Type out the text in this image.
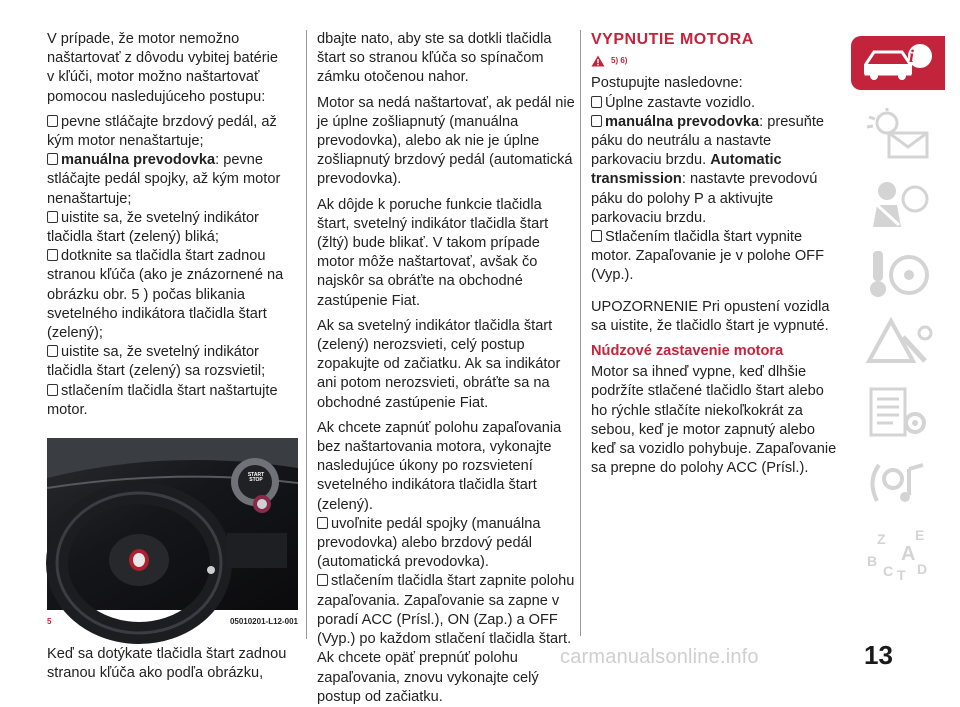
V prípade, že motor nemožno naštartovať z dôvodu vybitej batérie v kľúči, motor možno naštartovať pomocou nasledujúceho postupu:

pevne stláčajte brzdový pedál, až kým motor nenaštartuje;
manuálna prevodovka: pevne stláčajte pedál spojky, až kým motor nenaštartuje;
uistite sa, že svetelný indikátor tlačidla štart (zelený) bliká;
dotknite sa tlačidla štart zadnou stranou kľúča (ako je znázornené na obrázku obr. 5 ) počas blikania svetelného indikátora tlačidla štart (zelený);
uistite sa, že svetelný indikátor tlačidla štart (zelený) sa rozsvietil;
stlačením tlačidla štart naštartujte motor.
START STOP
5	05010201-L12-001

Keď sa dotýkate tlačidla štart zadnou stranou kľúča ako podľa obrázku,

dbajte nato, aby ste sa dotkli tlačidla štart so stranou kľúča so spínačom zámku otočenou nahor.

Motor sa nedá naštartovať, ak pedál nie je úplne zošliapnutý (manuálna prevodovka), alebo ak nie je úplne zošliapnutý brzdový pedál (automatická prevodovka).

Ak dôjde k poruche funkcie tlačidla štart, svetelný indikátor tlačidla štart (žltý) bude blikať. V takom prípade motor môže naštartovať, avšak čo najskôr sa obráťte na obchodné zastúpenie Fiat.

Ak sa svetelný indikátor tlačidla štart (zelený) nerozsvieti, celý postup zopakujte od začiatku. Ak sa indikátor ani potom nerozsvieti, obráťte sa na obchodné zastúpenie Fiat.

Ak chcete zapnúť polohu zapaľovania bez naštartovania motora, vykonajte nasledujúce úkony po rozsvietení svetelného indikátora tlačidla štart (zelený).

uvoľnite pedál spojky (manuálna prevodovka) alebo brzdový pedál (automatická prevodovka).
stlačením tlačidla štart zapnite polohu zapaľovania. Zapaľovanie sa zapne v poradí ACC (Prísl.), ON (Zap.) a OFF (Vyp.) po každom stlačení tlačidla štart. Ak chcete opäť prepnúť polohu zapaľovania, znovu vykonajte celý postup od začiatku.
VYPNUTIE MOTORA
5) 6)
Postupujte nasledovne:
Úplne zastavte vozidlo.
manuálna prevodovka: presuňte páku do neutrálu a nastavte parkovaciu brzdu. Automatic transmission: nastavte prevodovú páku do polohy P a aktivujte parkovaciu brzdu.

Stlačením tlačidla štart vypnite motor. Zapaľovanie je v polohe OFF (Vyp.).

UPOZORNENIE Pri opustení vozidla sa uistite, že tlačidlo štart je vypnuté.

Núdzové zastavenie motora

Motor sa ihneď vypne, keď dlhšie podržíte stlačené tlačidlo štart alebo ho rýchle stlačíte niekoľkokrát za sebou, keď je motor zapnutý alebo keď sa vozidlo pohybuje. Zapaľovanie sa prepne do polohy ACC (Prísl.).

i
Z E
B A
C T D
carmanualsonline.info	13
